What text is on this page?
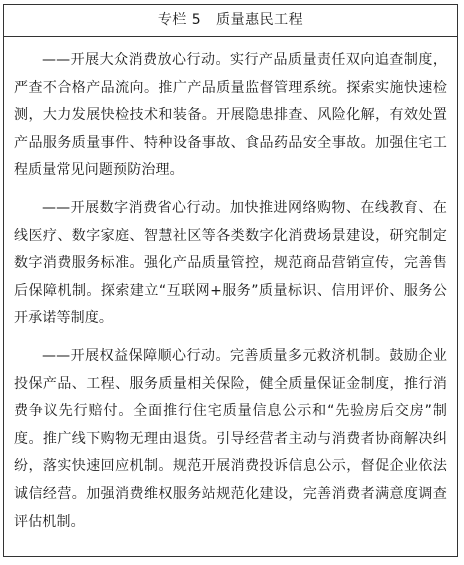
专栏 5 质量惠民工程

——开展大众消费放心行动。实行产品质量责任双向追查制度，严查不合格产品流向。推广产品质量监督管理系统。探索实施快速检测，大力发展快检技术和装备。开展隐患排查、风险化解，有效处置产品服务质量事件、特种设备事故、食品药品安全事故。加强住宅工程质量常见问题预防治理。

——开展数字消费省心行动。加快推进网络购物、在线教育、在线医疗、数字家庭、智慧社区等各类数字化消费场景建设，研究制定数字消费服务标准。强化产品质量管控，规范商品营销宣传，完善售后保障机制。探索建立“互联网+服务”质量标识、信用评价、服务公开承诺等制度。

——开展权益保障顺心行动。完善质量多元救济机制。鼓励企业投保产品、工程、服务质量相关保险，健全质量保证金制度，推行消费争议先行赔付。全面推行住宅质量信息公示和“先验房后交房”制度。推广线下购物无理由退货。引导经营者主动与消费者协商解决纠纷，落实快速回应机制。规范开展消费投诉信息公示，督促企业依法诚信经营。加强消费维权服务站规范化建设，完善消费者满意度调查评估机制。
